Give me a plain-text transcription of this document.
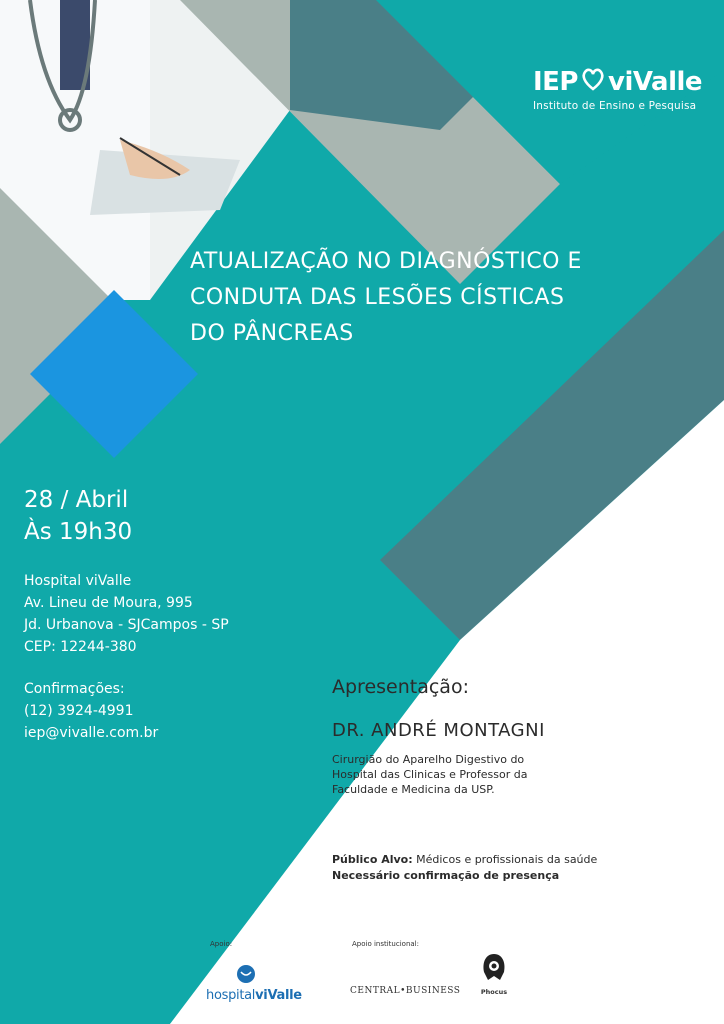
IEP viValle
Instituto de Ensino e Pesquisa
ATUALIZAÇÃO NO DIAGNÓSTICO E
CONDUTA DAS LESÕES CÍSTICAS
DO PÂNCREAS
28 / Abril
Às 19h30
Hospital viValle
Av. Lineu de Moura, 995
Jd. Urbanova - SJCampos - SP
CEP: 12244-380
Confirmações:
(12) 3924-4991
iep@vivalle.com.br
Apresentação:
DR. ANDRÉ MONTAGNI
Cirurgião do Aparelho Digestivo do
Hospital das Clinicas e Professor da
Faculdade e Medicina da USP.
Público Alvo: Médicos e profissionais da saúde
Necessário confirmação de presença
Apoio:	Apoio institucional:
hospitalviValle	CENTRAL•BUSINESS	Phocus
